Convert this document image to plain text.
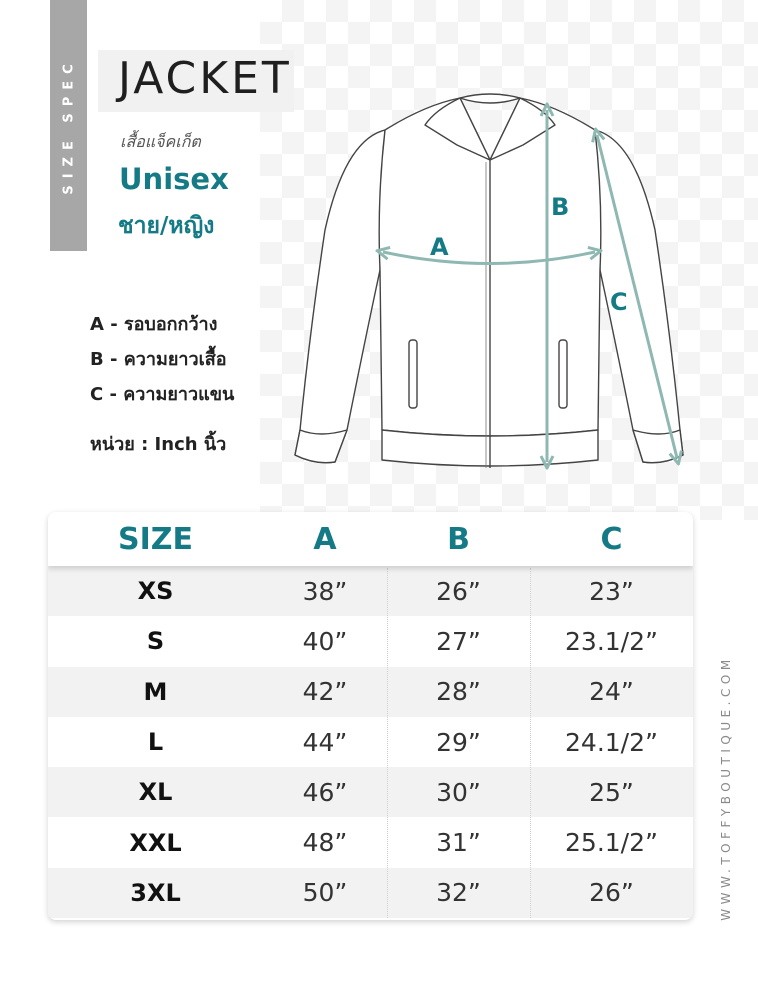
SIZE SPEC JACKET
เสื้อแจ็คเก็ต
Unisex
ชาย/หญิง
A - รอบอกกว้าง
B - ความยาวเสื้อ
C - ความยาวแขน
หน่วย : Inch นิ้ว
A
B
C
SIZE	A	B	C
XS	38”	26”	23”
S	40”	27”	23.1/2”
M	42”	28”	24”
L	44”	29”	24.1/2”
XL	46”	30”	25”
XXL	48”	31”	25.1/2”
3XL	50”	32”	26”	WWW.TOFFYBOUTIQUE.COM
